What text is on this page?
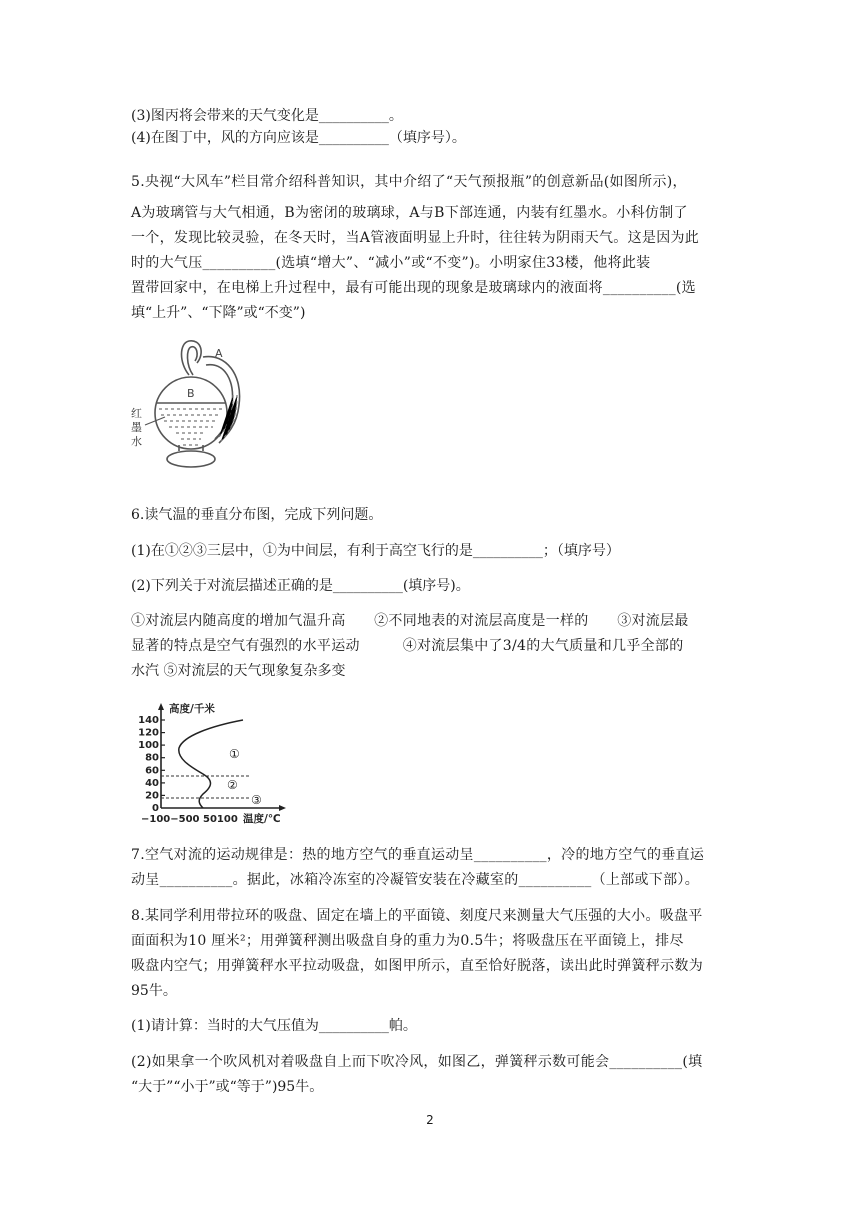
(3)图丙将会带来的天气变化是__________。
(4)在图丁中，风的方向应该是__________（填序号）。
5.央视“大风车”栏目常介绍科普知识，其中介绍了“天气预报瓶”的创意新品(如图所示)，
A为玻璃管与大气相通，B为密闭的玻璃球，A与B下部连通，内装有红墨水。小科仿制了
一个，发现比较灵验，在冬天时，当A管液面明显上升时，往往转为阴雨天气。这是因为此
时的大气压__________(选填“增大”、“减小”或“不变”)。小明家住33楼，他将此装
置带回家中，在电梯上升过程中，最有可能出现的现象是玻璃球内的液面将__________(选
填“上升”、“下降”或“不变”)
A
B
红
墨
水
6.读气温的垂直分布图，完成下列问题。
(1)在①②③三层中，①为中间层，有利于高空飞行的是__________；（填序号）
(2)下列关于对流层描述正确的是__________(填序号)。
①对流层内随高度的增加气温升高　　②不同地表的对流层高度是一样的　　③对流层最
显著的特点是空气有强烈的水平运动　　　④对流层集中了3/4的大气质量和几乎全部的
水汽 ⑤对流层的天气现象复杂多变
140
120
100
80
60
40
20
0
高度/千米
−100−500 50100 温度/℃
①
②
③
7.空气对流的运动规律是：热的地方空气的垂直运动呈__________，冷的地方空气的垂直运
动呈__________。据此，冰箱冷冻室的冷凝管安装在冷藏室的__________（上部或下部）。
8.某同学利用带拉环的吸盘、固定在墙上的平面镜、刻度尺来测量大气压强的大小。吸盘平
面面积为10 厘米²；用弹簧秤测出吸盘自身的重力为0.5牛；将吸盘压在平面镜上，排尽
吸盘内空气；用弹簧秤水平拉动吸盘，如图甲所示，直至恰好脱落，读出此时弹簧秤示数为
95牛。
(1)请计算：当时的大气压值为__________帕。
(2)如果拿一个吹风机对着吸盘自上而下吹冷风，如图乙，弹簧秤示数可能会__________(填
“大于”“小于”或“等于”)95牛。
2
